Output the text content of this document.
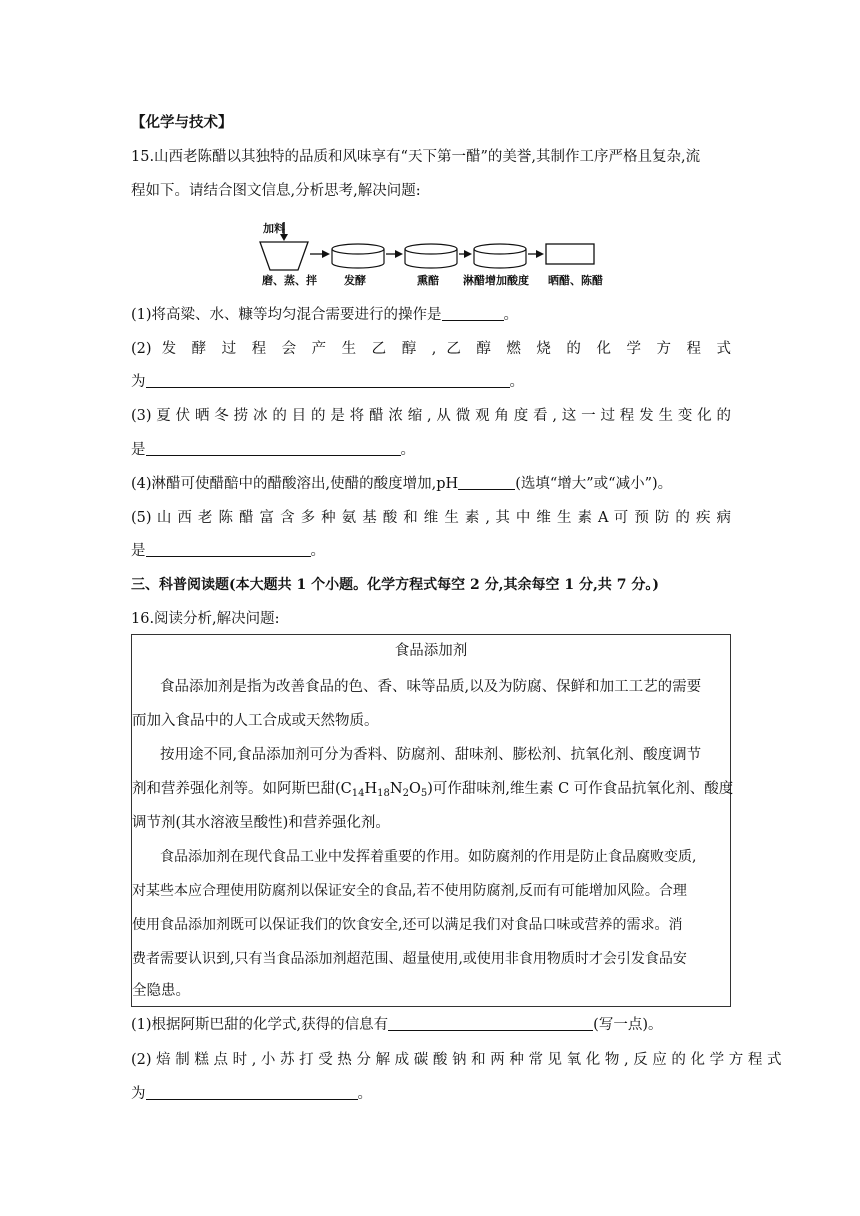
【化学与技术】
15.山西老陈醋以其独特的品质和风味享有“天下第一醋”的美誉,其制作工序严格且复杂,流
程如下。请结合图文信息,分析思考,解决问题:
加料
磨、蒸、拌 发酵	熏醅 淋醋增加酸度 晒醋、陈醋
(1)将高粱、水、糠等均匀混合需要进行的操作是	。
(2) 发 酵 过 程 会 产 生 乙 醇 , 乙 醇 燃 烧 的 化 学 方 程 式
为	。
(3) 夏 伏 晒 冬 捞 冰 的 目 的 是 将 醋 浓 缩 , 从 微 观 角 度 看 , 这 一 过 程 发 生 变 化 的
是	。
(4)淋醋可使醋醅中的醋酸溶出,使醋的酸度增加,pH	(选填“增大”或“减小”)。
(5) 山 西 老 陈 醋 富 含 多 种 氨 基 酸 和 维 生 素 , 其 中 维 生 素 A 可 预 防 的 疾 病
是	。
三、科普阅读题(本大题共 1 个小题。化学方程式每空 2 分,其余每空 1 分,共 7 分。)
16.阅读分析,解决问题:
食品添加剂
食品添加剂是指为改善食品的色、香、味等品质,以及为防腐、保鲜和加工工艺的需要
而加入食品中的人工合成或天然物质。
按用途不同,食品添加剂可分为香料、防腐剂、甜味剂、膨松剂、抗氧化剂、酸度调节
剂和营养强化剂等。如阿斯巴甜$(C_{14}H_{18}N_2O_5)$可作甜味剂,维生素 C 可作食品抗氧化剂、酸度
调节剂(其水溶液呈酸性)和营养强化剂。
食品添加剂在现代食品工业中发挥着重要的作用。如防腐剂的作用是防止食品腐败变质,
对某些本应合理使用防腐剂以保证安全的食品,若不使用防腐剂,反而有可能增加风险。合理
使用食品添加剂既可以保证我们的饮食安全,还可以满足我们对食品口味或营养的需求。消
费者需要认识到,只有当食品添加剂超范围、超量使用,或使用非食用物质时才会引发食品安
全隐患。
(1)根据阿斯巴甜的化学式,获得的信息有	(写一点)。
(2) 焙 制 糕 点 时 , 小 苏 打 受 热 分 解 成 碳 酸 钠 和 两 种 常 见 氧 化 物 , 反 应 的 化 学 方 程 式
为	。
